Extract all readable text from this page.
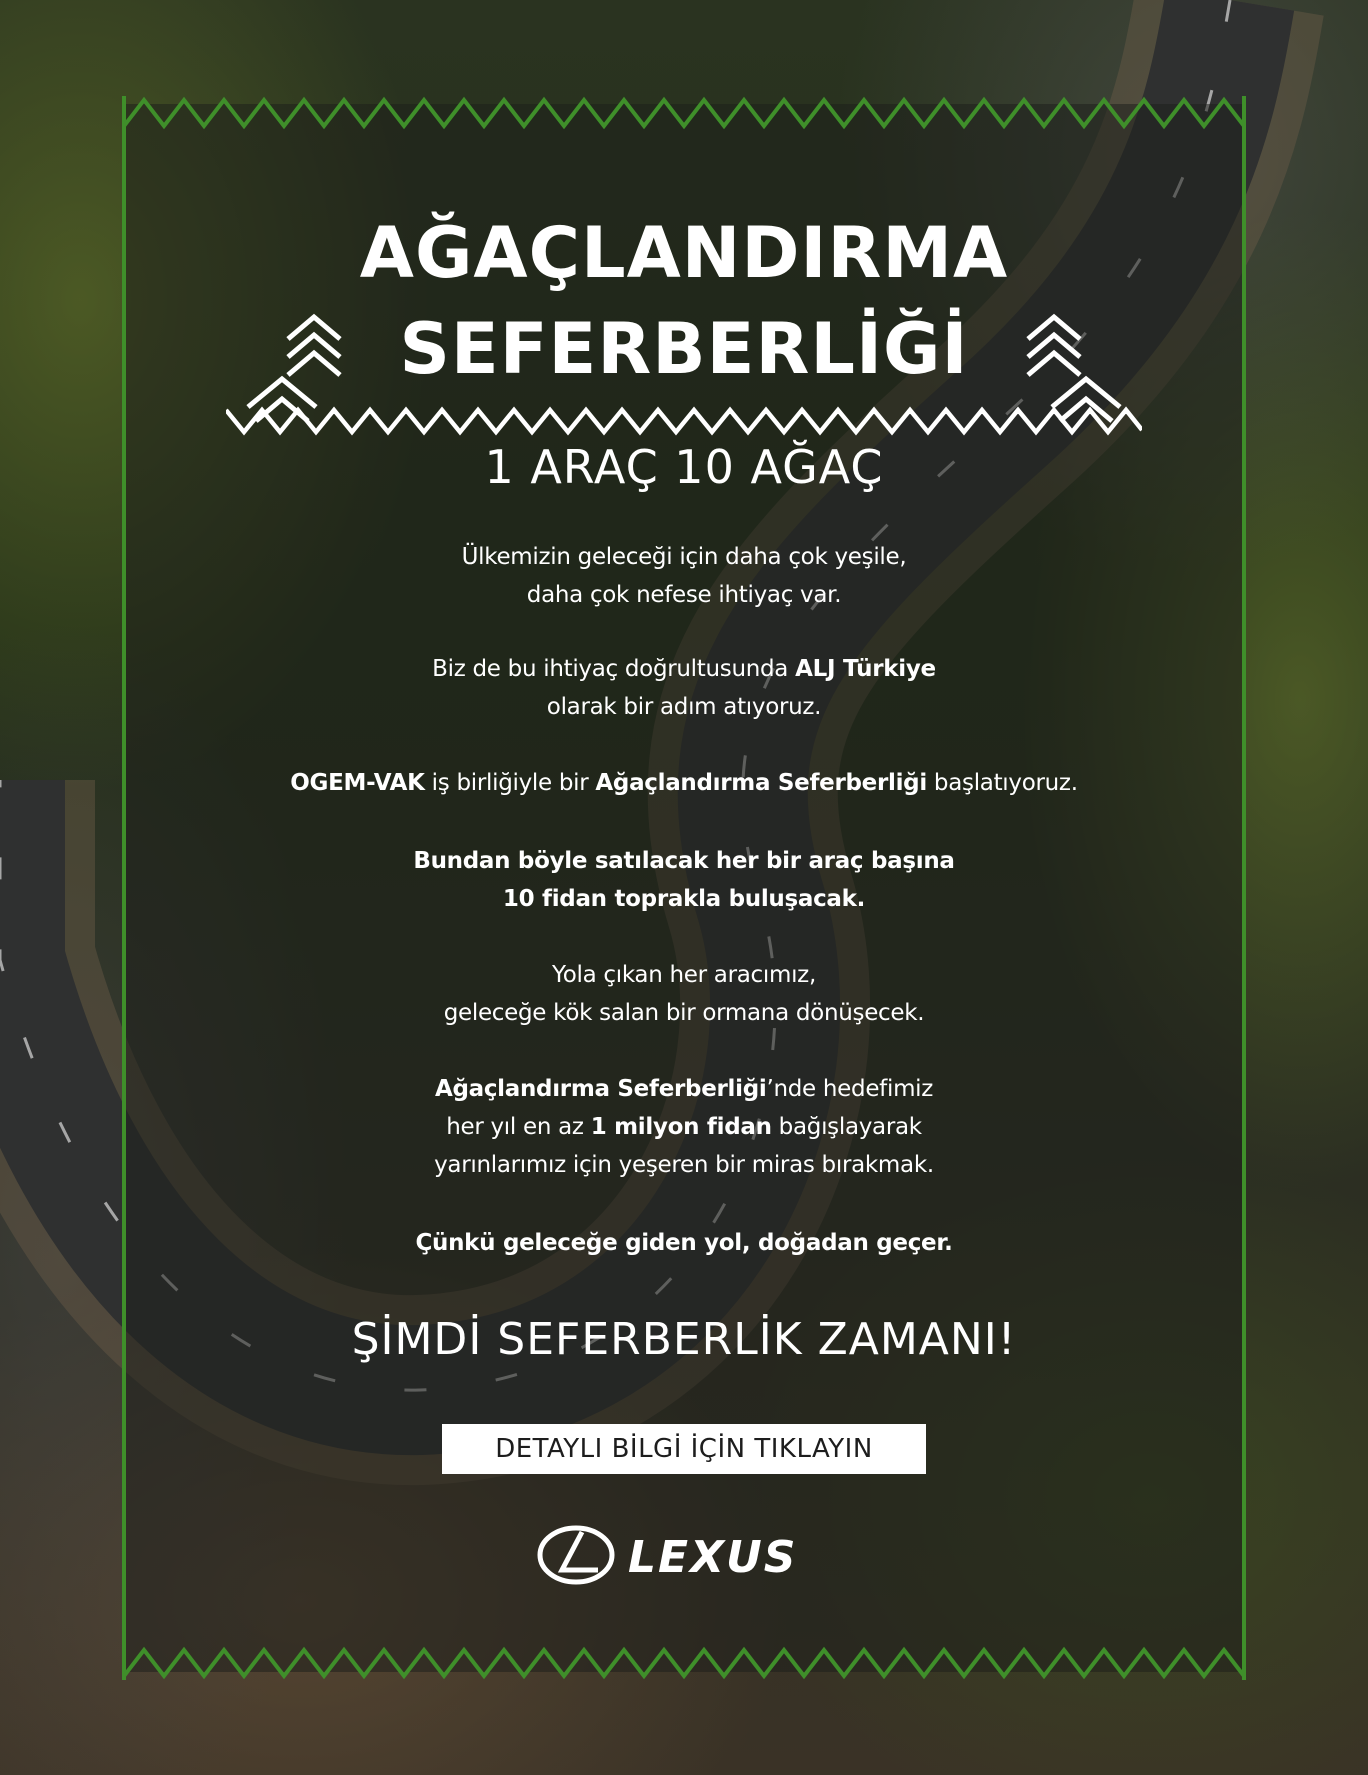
AĞAÇLANDIRMA
SEFERBERLİĞİ
1 ARAÇ 10 AĞAÇ

Ülkemizin geleceği için daha çok yeşile,
daha çok nefese ihtiyaç var.

Biz de bu ihtiyaç doğrultusunda ALJ Türkiye
olarak bir adım atıyoruz.

OGEM-VAK iş birliğiyle bir Ağaçlandırma Seferberliği başlatıyoruz.

Bundan böyle satılacak her bir araç başına
10 fidan toprakla buluşacak.

Yola çıkan her aracımız,
geleceğe kök salan bir ormana dönüşecek.

Ağaçlandırma Seferberliği’nde hedefimiz
her yıl en az 1 milyon fidan bağışlayarak
yarınlarımız için yeşeren bir miras bırakmak.

Çünkü geleceğe giden yol, doğadan geçer.

ŞİMDİ SEFERBERLİK ZAMANI!
DETAYLI BİLGİ İÇİN TIKLAYIN
LEXUS
